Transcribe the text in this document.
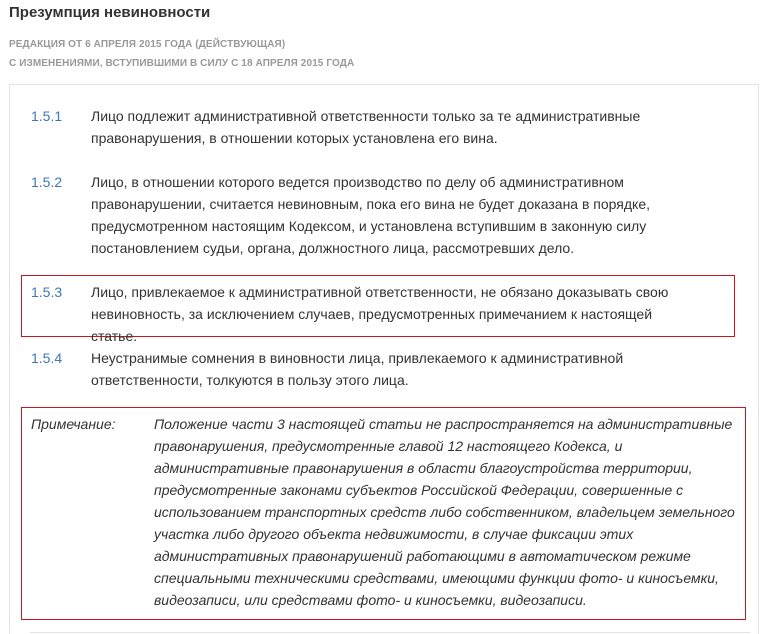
Презумпция невиновности
РЕДАКЦИЯ ОТ 6 АПРЕЛЯ 2015 ГОДА (ДЕЙСТВУЮЩАЯ)
С ИЗМЕНЕНИЯМИ, ВСТУПИВШИМИ В СИЛУ С 18 АПРЕЛЯ 2015 ГОДА
1.5.1 Лицо подлежит административной ответственности только за те административные правонарушения, в отношении которых установлена его вина.
1.5.2 Лицо, в отношении которого ведется производство по делу об административном правонарушении, считается невиновным, пока его вина не будет доказана в порядке, предусмотренном настоящим Кодексом, и установлена вступившим в законную силу постановлением судьи, органа, должностного лица, рассмотревших дело.
1.5.3 Лицо, привлекаемое к административной ответственности, не обязано доказывать свою невиновность, за исключением случаев, предусмотренных примечанием к настоящей статье.
1.5.4 Неустранимые сомнения в виновности лица, привлекаемого к административной ответственности, толкуются в пользу этого лица.
Примечание:	Положение части 3 настоящей статьи не распространяется на административные правонарушения, предусмотренные главой 12 настоящего Кодекса, и административные правонарушения в области благоустройства территории, предусмотренные законами субъектов Российской Федерации, совершенные с использованием транспортных средств либо собственником, владельцем земельного участка либо другого объекта недвижимости, в случае фиксации этих административных правонарушений работающими в автоматическом режиме специальными техническими средствами, имеющими функции фото- и киносъемки, видеозаписи, или средствами фото- и киносъемки, видеозаписи.
